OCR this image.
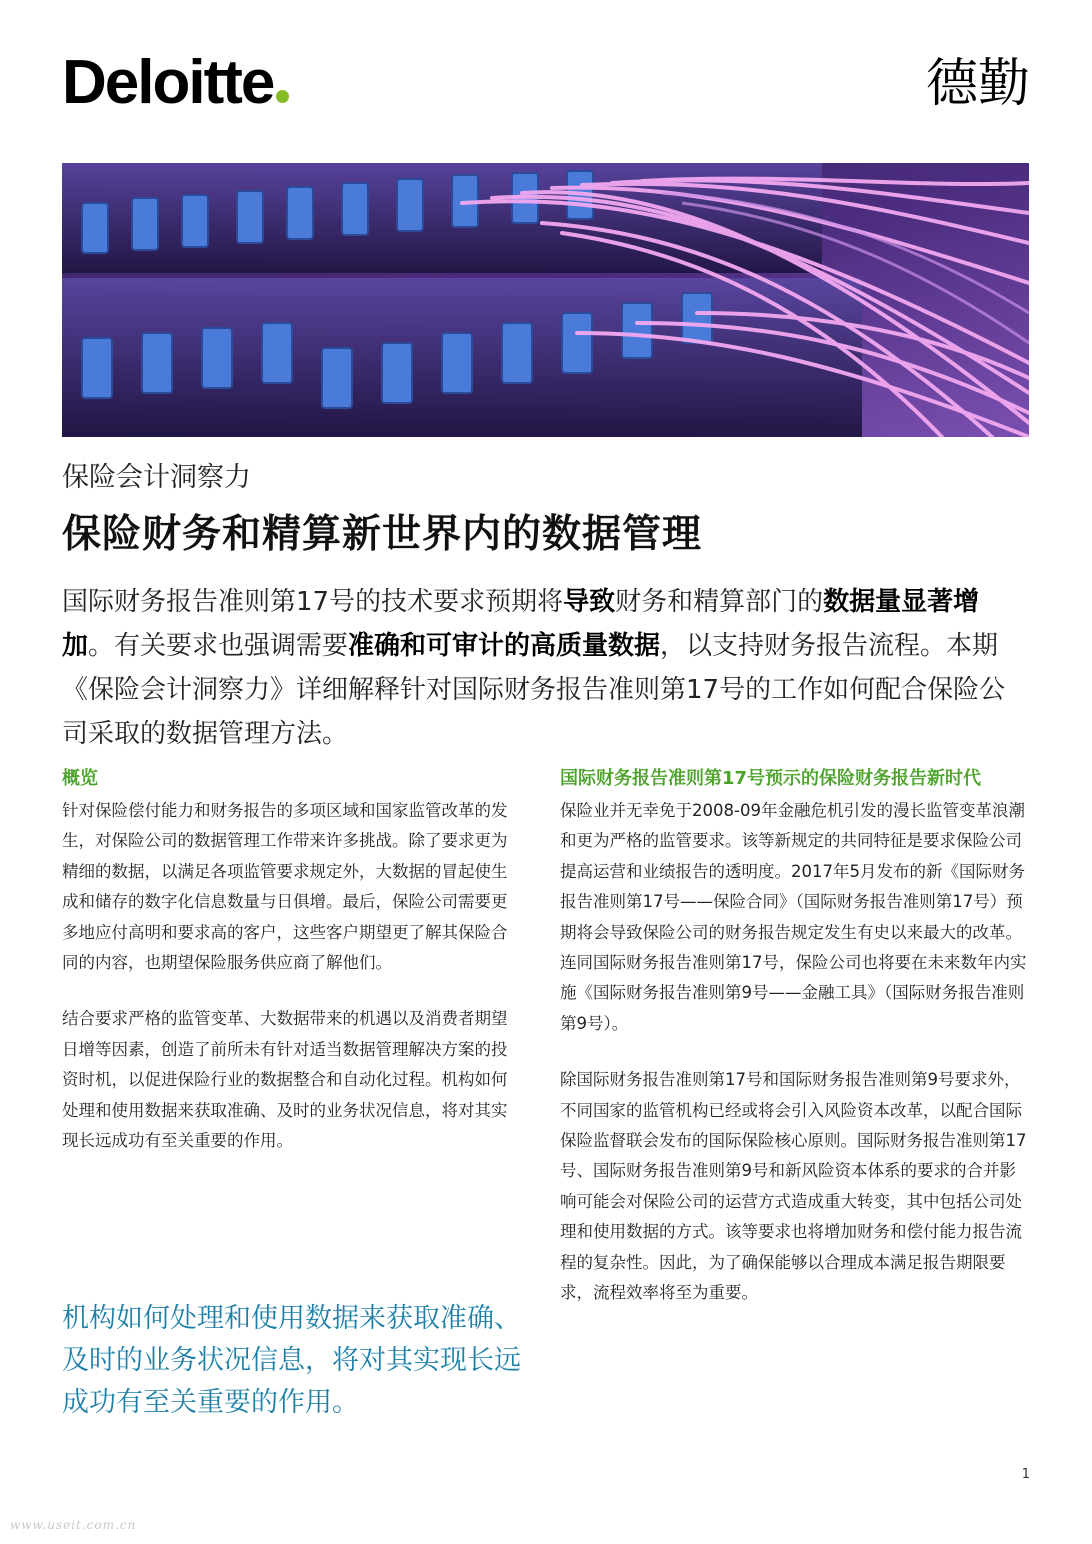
Deloitte	德勤
保险会计洞察力
保险财务和精算新世界内的数据管理
国际财务报告准则第17号的技术要求预期将导致财务和精算部门的数据量显著增加。有关要求也强调需要准确和可审计的高质量数据，以支持财务报告流程。本期《保险会计洞察力》详细解释针对国际财务报告准则第17号的工作如何配合保险公司采取的数据管理方法。
概览

针对保险偿付能力和财务报告的多项区域和国家监管改革的发生，对保险公司的数据管理工作带来许多挑战。除了要求更为精细的数据，以满足各项监管要求规定外，大数据的冒起使生成和储存的数字化信息数量与日俱增。最后，保险公司需要更多地应付高明和要求高的客户，这些客户期望更了解其保险合同的内容，也期望保险服务供应商了解他们。

结合要求严格的监管变革、大数据带来的机遇以及消费者期望日增等因素，创造了前所未有针对适当数据管理解决方案的投资时机，以促进保险行业的数据整合和自动化过程。机构如何处理和使用数据来获取准确、及时的业务状况信息，将对其实现长远成功有至关重要的作用。

机构如何处理和使用数据来获取准确、及时的业务状况信息，将对其实现长远成功有至关重要的作用。
国际财务报告准则第17号预示的保险财务报告新时代

保险业并无幸免于2008-09年金融危机引发的漫长监管变革浪潮和更为严格的监管要求。该等新规定的共同特征是要求保险公司提高运营和业绩报告的透明度。2017年5月发布的新《国际财务报告准则第17号——保险合同》（国际财务报告准则第17号）预期将会导致保险公司的财务报告规定发生有史以来最大的改革。连同国际财务报告准则第17号，保险公司也将要在未来数年内实施《国际财务报告准则第9号——金融工具》（国际财务报告准则第9号）。

除国际财务报告准则第17号和国际财务报告准则第9号要求外，不同国家的监管机构已经或将会引入风险资本改革，以配合国际保险监督联会发布的国际保险核心原则。国际财务报告准则第17号、国际财务报告准则第9号和新风险资本体系的要求的合并影响可能会对保险公司的运营方式造成重大转变，其中包括公司处理和使用数据的方式。该等要求也将增加财务和偿付能力报告流程的复杂性。因此，为了确保能够以合理成本满足报告期限要求，流程效率将至为重要。

1
www.useit.com.cn
